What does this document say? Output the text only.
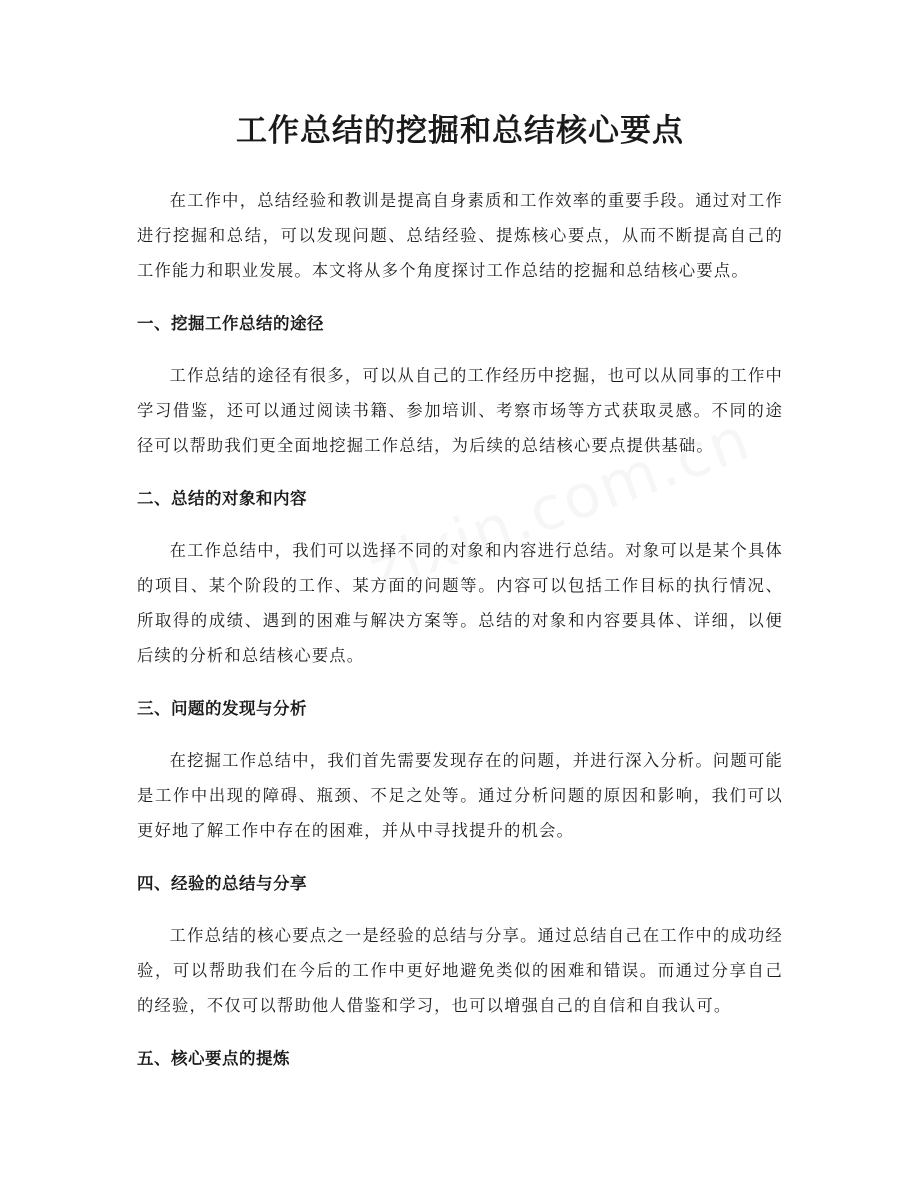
工作总结的挖掘和总结核心要点

在工作中，总结经验和教训是提高自身素质和工作效率的重要手段。通过对工作进行挖掘和总结，可以发现问题、总结经验、提炼核心要点，从而不断提高自己的工作能力和职业发展。本文将从多个角度探讨工作总结的挖掘和总结核心要点。

一、挖掘工作总结的途径

工作总结的途径有很多，可以从自己的工作经历中挖掘，也可以从同事的工作中学习借鉴，还可以通过阅读书籍、参加培训、考察市场等方式获取灵感。不同的途径可以帮助我们更全面地挖掘工作总结，为后续的总结核心要点提供基础。

二、总结的对象和内容

在工作总结中，我们可以选择不同的对象和内容进行总结。对象可以是某个具体的项目、某个阶段的工作、某方面的问题等。内容可以包括工作目标的执行情况、所取得的成绩、遇到的困难与解决方案等。总结的对象和内容要具体、详细，以便后续的分析和总结核心要点。

三、问题的发现与分析

在挖掘工作总结中，我们首先需要发现存在的问题，并进行深入分析。问题可能是工作中出现的障碍、瓶颈、不足之处等。通过分析问题的原因和影响，我们可以更好地了解工作中存在的困难，并从中寻找提升的机会。

四、经验的总结与分享

工作总结的核心要点之一是经验的总结与分享。通过总结自己在工作中的成功经验，可以帮助我们在今后的工作中更好地避免类似的困难和错误。而通过分享自己的经验，不仅可以帮助他人借鉴和学习，也可以增强自己的自信和自我认可。

五、核心要点的提炼
